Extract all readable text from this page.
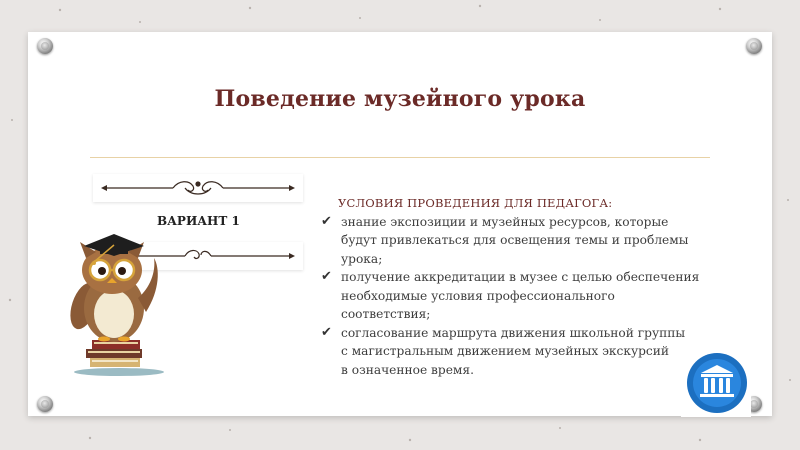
Поведение музейного урока
ВАРИАНТ 1
УСЛОВИЯ ПРОВЕДЕНИЯ ДЛЯ ПЕДАГОГА:
✔ знание экспозиции и музейных ресурсов, которые
будут привлекаться для освещения темы и проблемы
урока;
✔ получение аккредитации в музее с целью обеспечения
необходимые условия профессионального
соответствия;
✔ согласование маршрута движения школьной группы
с магистральным движением музейных экскурсий
в означенное время.
